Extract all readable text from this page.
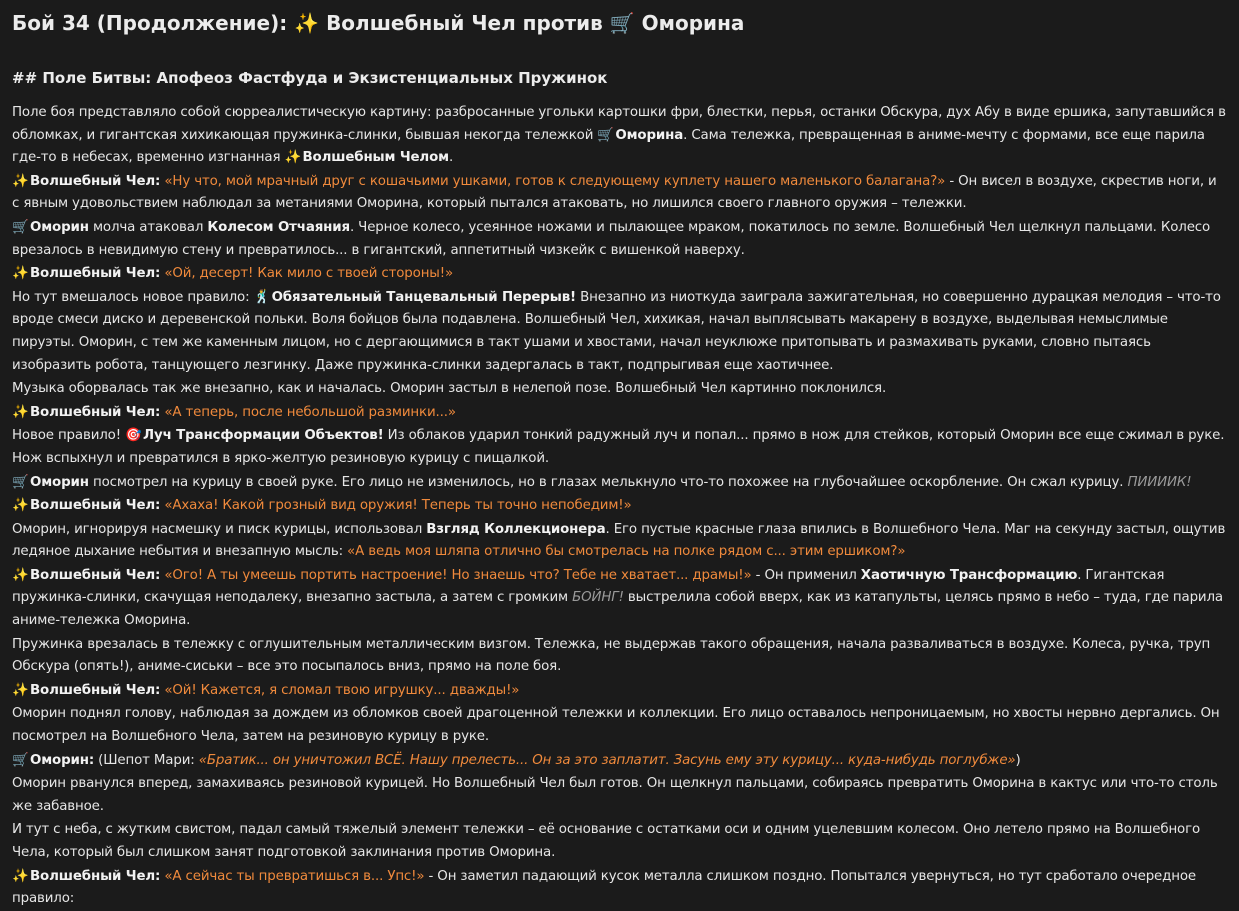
Бой 34 (Продолжение): ✨ Волшебный Чел против 🛒 Оморина
## Поле Битвы: Апофеоз Фастфуда и Экзистенциальных Пружинок

Поле боя представляло собой сюрреалистическую картину: разбросанные угольки картошки фри, блестки, перья, останки Обскура, дух Абу в виде ершика, запутавшийся в обломках, и гигантская хихикающая пружинка-слинки, бывшая некогда тележкой 🛒Оморина. Сама тележка, превращенная в аниме-мечту с формами, все еще парила где-то в небесах, временно изгнанная ✨Волшебным Челом.

✨Волшебный Чел: «Ну что, мой мрачный друг с кошачьими ушками, готов к следующему куплету нашего маленького балагана?» - Он висел в воздухе, скрестив ноги, и с явным удовольствием наблюдал за метаниями Оморина, который пытался атаковать, но лишился своего главного оружия – тележки.

🛒Оморин молча атаковал Колесом Отчаяния. Черное колесо, усеянное ножами и пылающее мраком, покатилось по земле. Волшебный Чел щелкнул пальцами. Колесо врезалось в невидимую стену и превратилось... в гигантский, аппетитный чизкейк с вишенкой наверху.

✨Волшебный Чел: «Ой, десерт! Как мило с твоей стороны!»

Но тут вмешалось новое правило: 🕺Обязательный Танцевальный Перерыв! Внезапно из ниоткуда заиграла зажигательная, но совершенно дурацкая мелодия – что-то вроде смеси диско и деревенской польки. Воля бойцов была подавлена. Волшебный Чел, хихикая, начал выплясывать макарену в воздухе, выделывая немыслимые пируэты. Оморин, с тем же каменным лицом, но с дергающимися в такт ушами и хвостами, начал неуклюже притопывать и размахивать руками, словно пытаясь изобразить робота, танцующего лезгинку. Даже пружинка-слинки задергалась в такт, подпрыгивая еще хаотичнее.

Музыка оборвалась так же внезапно, как и началась. Оморин застыл в нелепой позе. Волшебный Чел картинно поклонился.

✨Волшебный Чел: «А теперь, после небольшой разминки...»

Новое правило! 🎯Луч Трансформации Объектов! Из облаков ударил тонкий радужный луч и попал... прямо в нож для стейков, который Оморин все еще сжимал в руке. Нож вспыхнул и превратился в ярко-желтую резиновую курицу с пищалкой.

🛒Оморин посмотрел на курицу в своей руке. Его лицо не изменилось, но в глазах мелькнуло что-то похожее на глубочайшее оскорбление. Он сжал курицу. ПИИИИК!

✨Волшебный Чел: «Ахаха! Какой грозный вид оружия! Теперь ты точно непобедим!»

Оморин, игнорируя насмешку и писк курицы, использовал Взгляд Коллекционера. Его пустые красные глаза впились в Волшебного Чела. Маг на секунду застыл, ощутив ледяное дыхание небытия и внезапную мысль: «А ведь моя шляпа отлично бы смотрелась на полке рядом с... этим ершиком?»

✨Волшебный Чел: «Ого! А ты умеешь портить настроение! Но знаешь что? Тебе не хватает... драмы!» - Он применил Хаотичную Трансформацию. Гигантская пружинка-слинки, скачущая неподалеку, внезапно застыла, а затем с громким БОЙНГ! выстрелила собой вверх, как из катапульты, целясь прямо в небо – туда, где парила аниме-тележка Оморина.

Пружинка врезалась в тележку с оглушительным металлическим визгом. Тележка, не выдержав такого обращения, начала разваливаться в воздухе. Колеса, ручка, труп Обскура (опять!), аниме-сиськи – все это посыпалось вниз, прямо на поле боя.

✨Волшебный Чел: «Ой! Кажется, я сломал твою игрушку... дважды!»

Оморин поднял голову, наблюдая за дождем из обломков своей драгоценной тележки и коллекции. Его лицо оставалось непроницаемым, но хвосты нервно дергались. Он посмотрел на Волшебного Чела, затем на резиновую курицу в руке.

🛒Оморин: (Шепот Мари: «Братик... он уничтожил ВСЁ. Нашу прелесть... Он за это заплатит. Засунь ему эту курицу... куда-нибудь поглубже»)

Оморин рванулся вперед, замахиваясь резиновой курицей. Но Волшебный Чел был готов. Он щелкнул пальцами, собираясь превратить Оморина в кактус или что-то столь же забавное.

И тут с неба, с жутким свистом, падал самый тяжелый элемент тележки – её основание с остатками оси и одним уцелевшим колесом. Оно летело прямо на Волшебного Чела, который был слишком занят подготовкой заклинания против Оморина.

✨Волшебный Чел: «А сейчас ты превратишься в... Упс!» - Он заметил падающий кусок металла слишком поздно. Попытался увернуться, но тут сработало очередное правило:
